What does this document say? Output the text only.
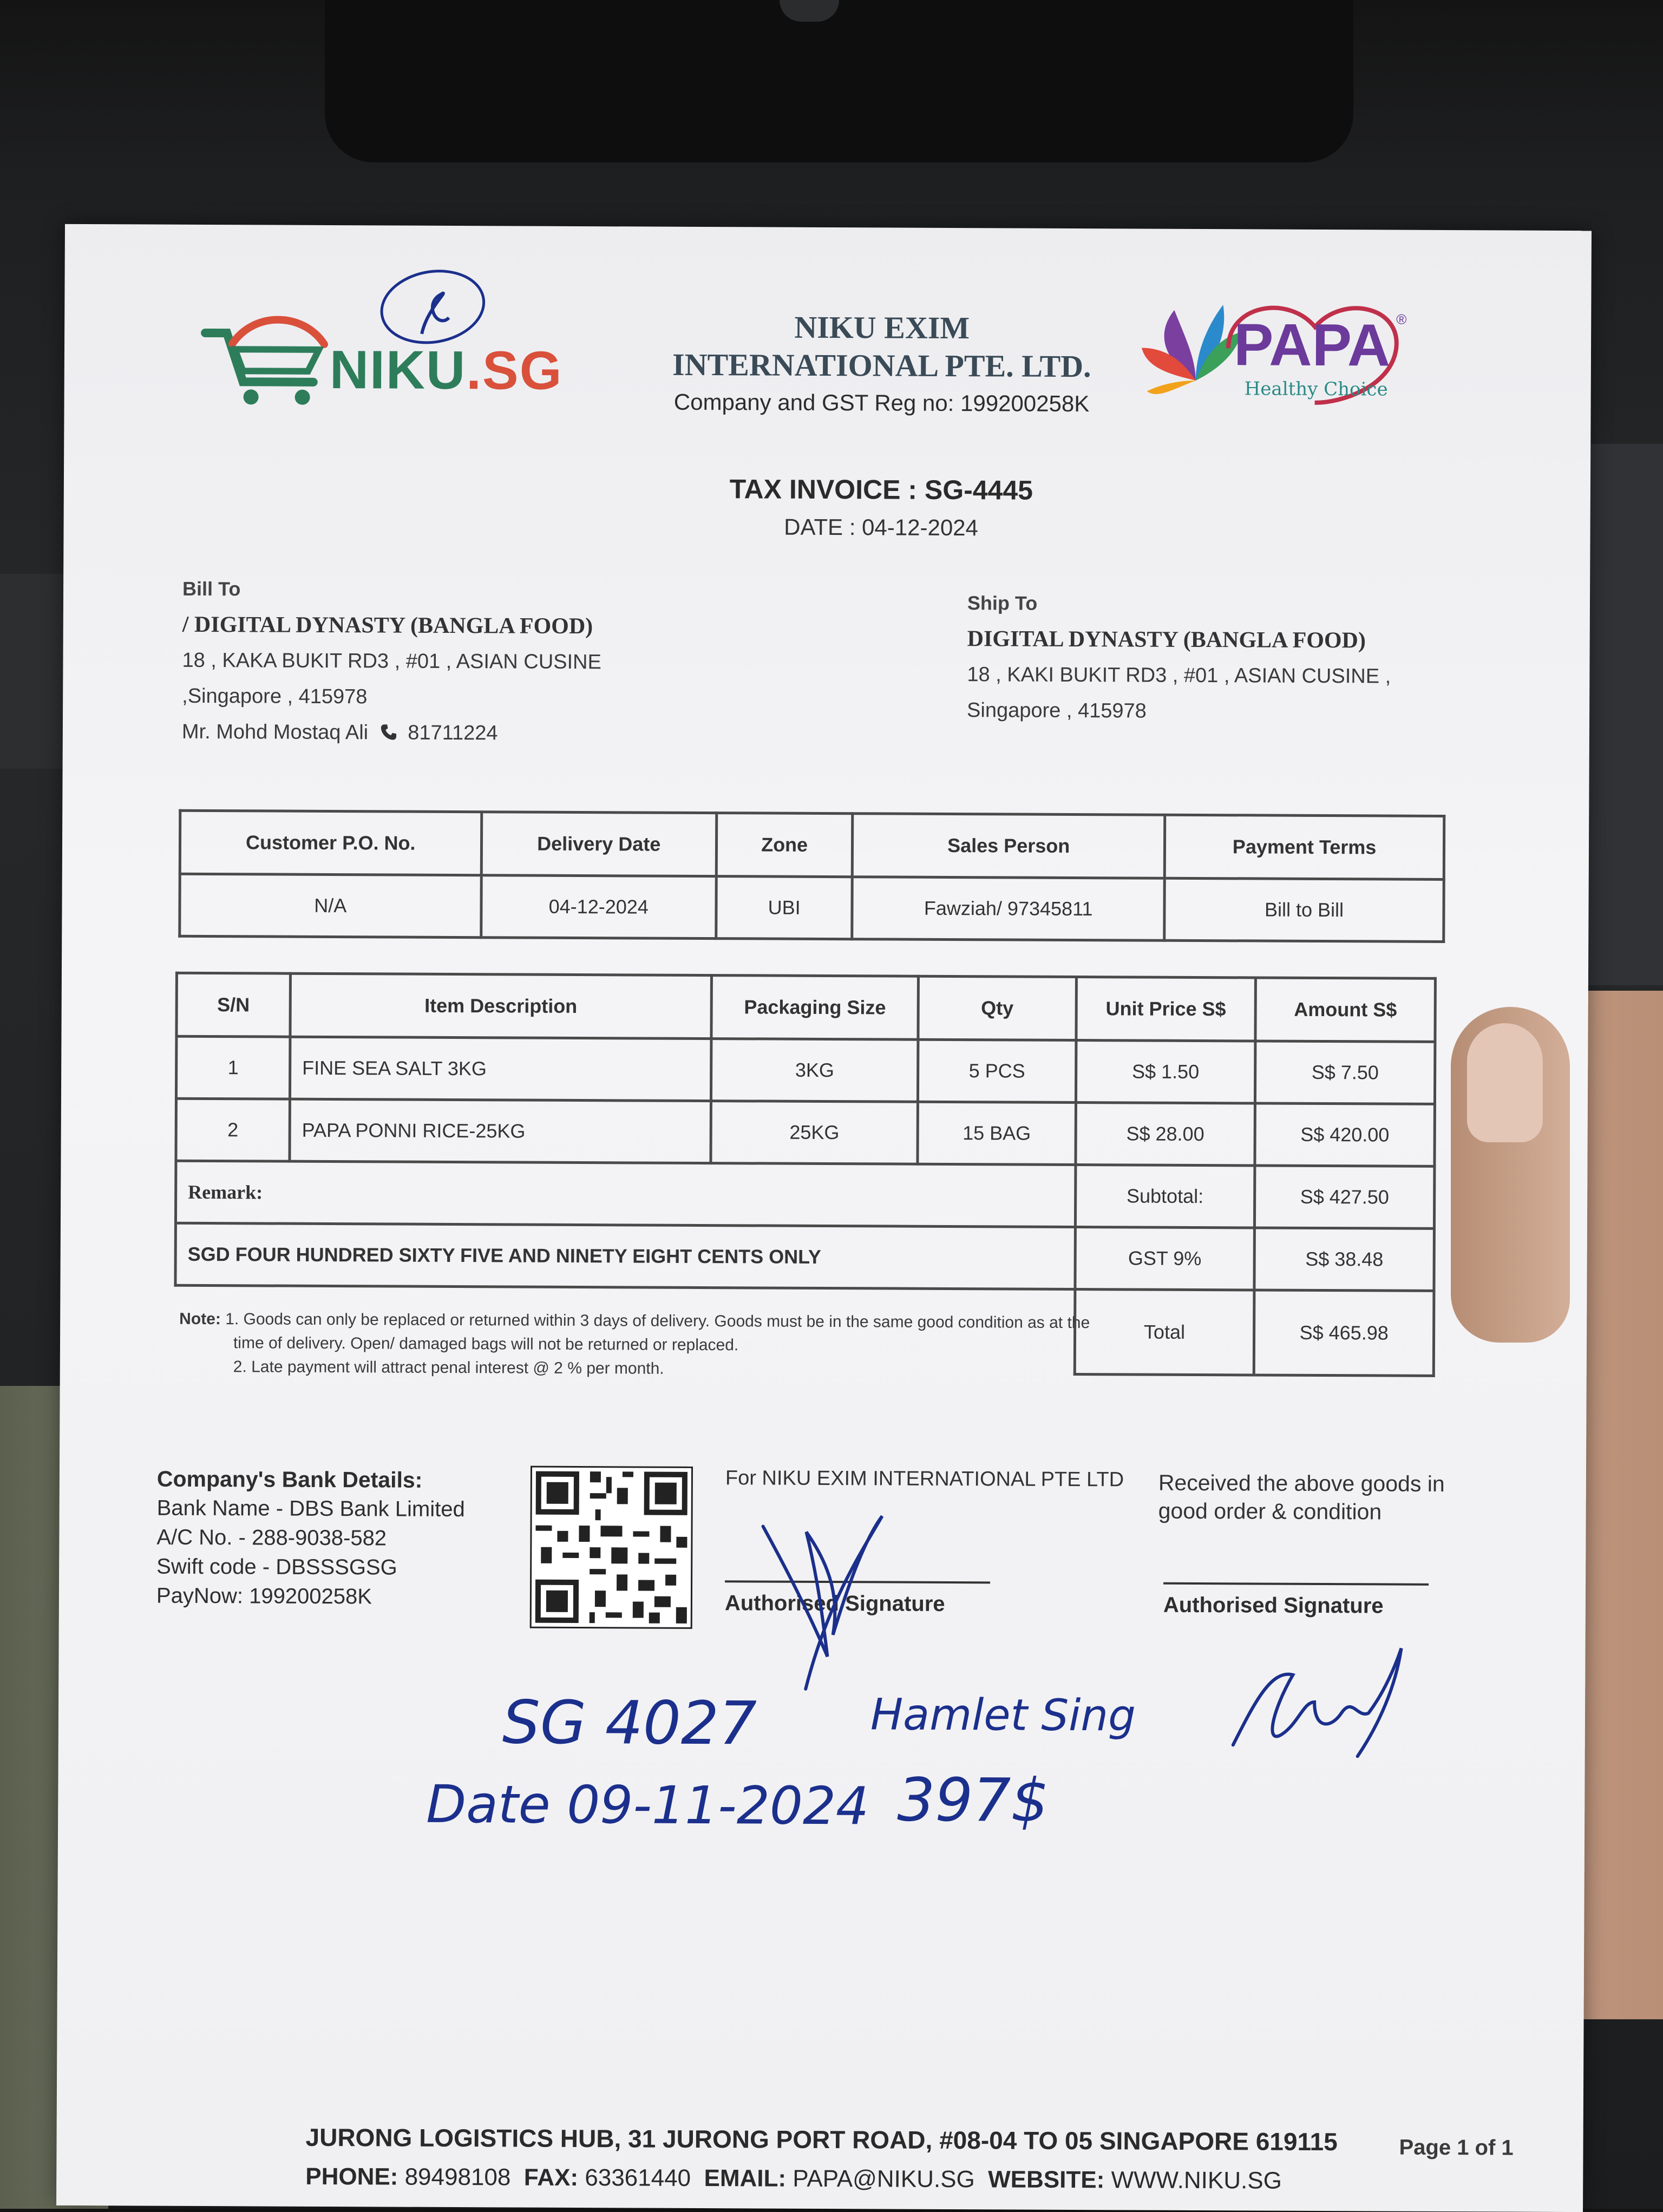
NIKU.SG
NIKU EXIM
INTERNATIONAL PTE. LTD.
Company and GST Reg no: 199200258K
PAPA ®
Healthy Choice
TAX INVOICE : SG-4445
DATE : 04-12-2024
Bill To
/ DIGITAL DYNASTY (BANGLA FOOD)
18 , KAKA BUKIT RD3 , #01 , ASIAN CUSINE
,Singapore , 415978
Mr. Mohd Mostaq Ali 81711224
Ship To
DIGITAL DYNASTY (BANGLA FOOD)
18 , KAKI BUKIT RD3 , #01 , ASIAN CUSINE ,
Singapore , 415978
Customer P.O. No.	Delivery Date	Zone	Sales Person	Payment Terms
N/A	04-12-2024	UBI	Fawziah/ 97345811	Bill to Bill
S/N	Item Description	Packaging Size	Qty	Unit Price S$	Amount S$
1	FINE SEA SALT 3KG	3KG	5 PCS	S$ 1.50	S$ 7.50
2	PAPA PONNI RICE-25KG	25KG	15 BAG	S$ 28.00	S$ 420.00
Remark:				Subtotal:	S$ 427.50
SGD FOUR HUNDRED SIXTY FIVE AND NINETY EIGHT CENTS ONLY				GST 9%	S$ 38.48
				Total	S$ 465.98
Note: 1. Goods can only be replaced or returned within 3 days of delivery. Goods must be in the same good condition as at the time of delivery. Open/ damaged bags will not be returned or replaced.
2. Late payment will attract penal interest @ 2 % per month.
Company's Bank Details:
Bank Name - DBS Bank Limited
A/C No. - 288-9038-582
Swift code - DBSSSGSG
PayNow: 199200258K
For NIKU EXIM INTERNATIONAL PTE LTD Received the above goods in good order & condition
Authorised Signature	Authorised Signature
SG 4027
Date 09-11-2024
Hamlet Sing
397$
JURONG LOGISTICS HUB, 31 JURONG PORT ROAD, #08-04 TO 05 SINGAPORE 619115	Page 1 of 1
PHONE: 89498108 FAX: 63361440 EMAIL: PAPA@NIKU.SG WEBSITE: WWW.NIKU.SG
